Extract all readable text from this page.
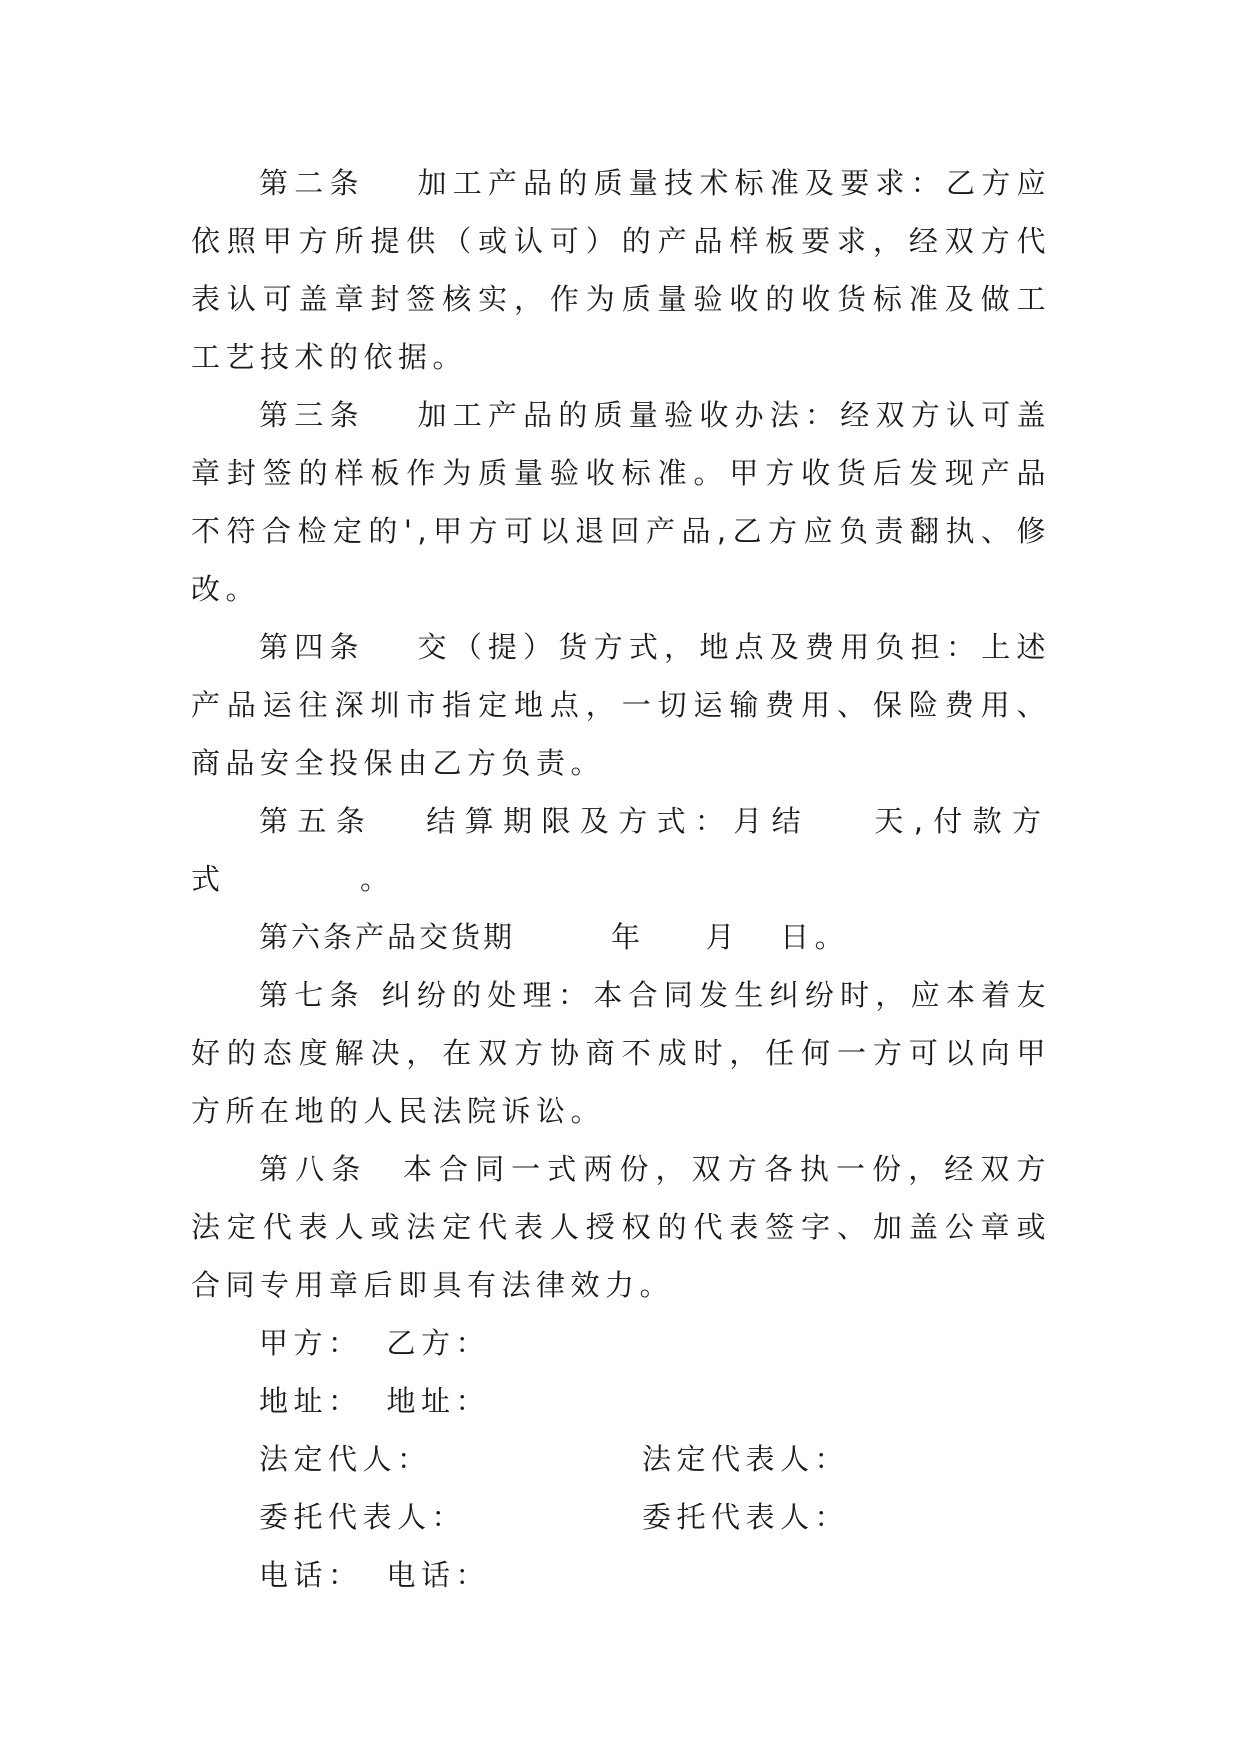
第二条 加工产品的质量技术标准及要求：乙方应依照甲方所提供（或认可）的产品样板要求，经双方代表认可盖章封签核实，作为质量验收的收货标准及做工工艺技术的依据。

第三条 加工产品的质量验收办法：经双方认可盖章封签的样板作为质量验收标准。甲方收货后发现产品不符合检定的',甲方可以退回产品,乙方应负责翻执、修改。

第四条 交（提）货方式，地点及费用负担：上述产品运往深圳市指定地点，一切运输费用、保险费用、商品安全投保由乙方负责。

第五条 结算期限及方式：月结 天,付款方式	。

第六条产品交货期	年 月 日。

第七条 纠纷的处理：本合同发生纠纷时，应本着友好的态度解决，在双方协商不成时，任何一方可以向甲方所在地的人民法院诉讼。

第八条 本合同一式两份，双方各执一份，经双方法定代表人或法定代表人授权的代表签字、加盖公章或合同专用章后即具有法律效力。

甲方： 乙方：
地址： 地址：
法定代人：	法定代表人：
委托代表人：	委托代表人：
电话： 电话：
